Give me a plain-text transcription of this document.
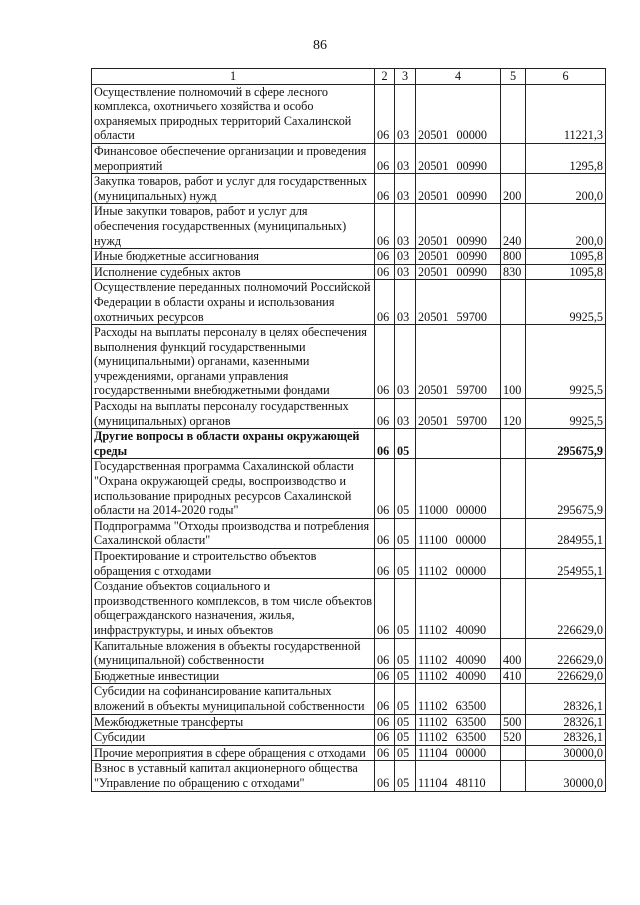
86
1	2	3	4	5	6
Осуществление полномочий в сфере лесного комплекса, охотничьего хозяйства и особо охраняемых природных территорий Сахалинской области	06	03	20501 00000		11221,3
Финансовое обеспечение организации и проведения мероприятий	06	03	20501 00990		1295,8
Закупка товаров, работ и услуг для государственных (муниципальных) нужд	06	03	20501 00990	200	200,0
Иные закупки товаров, работ и услуг для обеспечения государственных (муниципальных) нужд	06	03	20501 00990	240	200,0
Иные бюджетные ассигнования	06	03	20501 00990	800	1095,8
Исполнение судебных актов	06	03	20501 00990	830	1095,8
Осуществление переданных полномочий Российской Федерации в области охраны и использования охотничьих ресурсов	06	03	20501 59700		9925,5
Расходы на выплаты персоналу в целях обеспечения выполнения функций государственными (муниципальными) органами, казенными учреждениями, органами управления государственными внебюджетными фондами	06	03	20501 59700	100	9925,5
Расходы на выплаты персоналу государственных (муниципальных) органов	06	03	20501 59700	120	9925,5
Другие вопросы в области охраны окружающей среды	06	05			295675,9
Государственная программа Сахалинской области "Охрана окружающей среды, воспроизводство и использование природных ресурсов Сахалинской области на 2014-2020 годы"	06	05	11000 00000		295675,9
Подпрограмма "Отходы производства и потребления Сахалинской области"	06	05	11100 00000		284955,1
Проектирование и строительство объектов обращения с отходами	06	05	11102 00000		254955,1
Создание объектов социального и производственного комплексов, в том числе объектов общегражданского назначения, жилья, инфраструктуры, и иных объектов	06	05	11102 40090		226629,0
Капитальные вложения в объекты государственной (муниципальной) собственности	06	05	11102 40090	400	226629,0
Бюджетные инвестиции	06	05	11102 40090	410	226629,0
Субсидии на софинансирование капитальных вложений в объекты муниципальной собственности	06	05	11102 63500		28326,1
Межбюджетные трансферты	06	05	11102 63500	500	28326,1
Субсидии	06	05	11102 63500	520	28326,1
Прочие мероприятия в сфере обращения с отходами	06	05	11104 00000		30000,0
Взнос в уставный капитал акционерного общества "Управление по обращению с отходами"	06	05	11104 48110		30000,0
